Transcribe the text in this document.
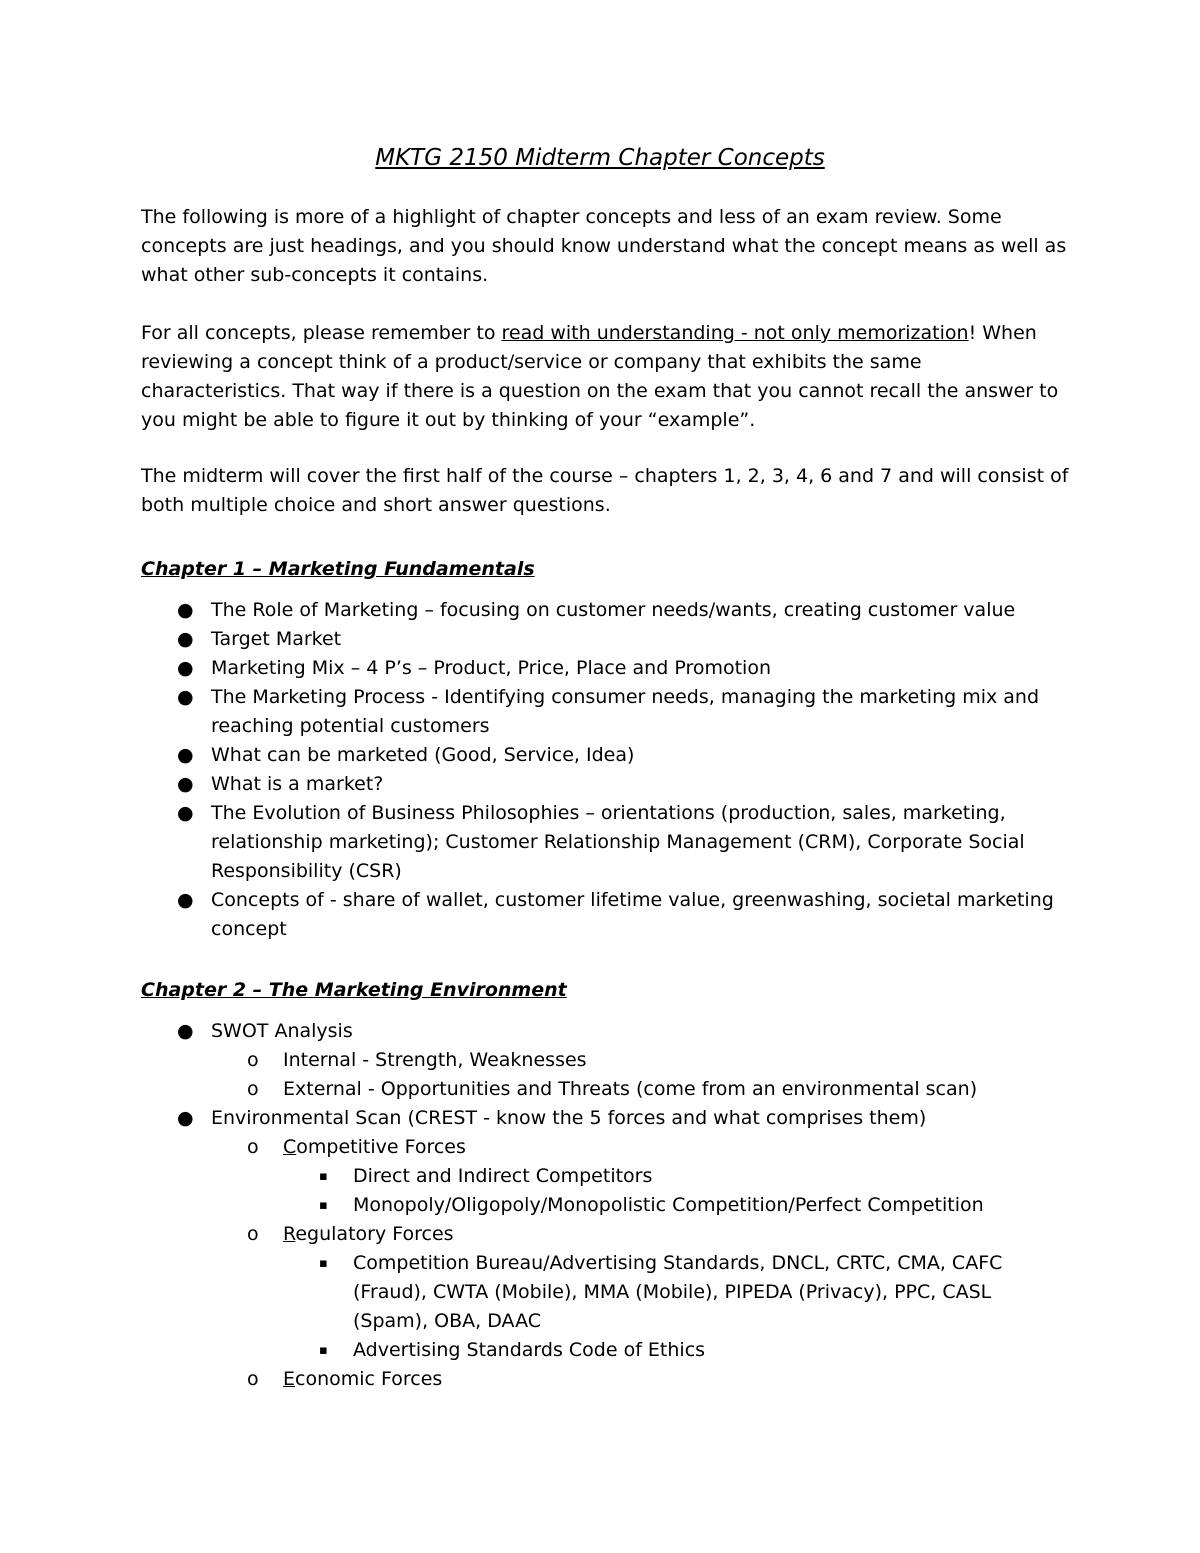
MKTG 2150 Midterm Chapter Concepts

The following is more of a highlight of chapter concepts and less of an exam review. Some concepts are just headings, and you should know understand what the concept means as well as what other sub-concepts it contains.

For all concepts, please remember to read with understanding - not only memorization! When reviewing a concept think of a product/service or company that exhibits the same characteristics. That way if there is a question on the exam that you cannot recall the answer to you might be able to figure it out by thinking of your “example”.

The midterm will cover the first half of the course – chapters 1, 2, 3, 4, 6 and 7 and will consist of both multiple choice and short answer questions.

Chapter 1 – Marketing Fundamentals
● The Role of Marketing – focusing on customer needs/wants, creating customer value
● Target Market
● Marketing Mix – 4 P’s – Product, Price, Place and Promotion
● The Marketing Process - Identifying consumer needs, managing the marketing mix and reaching potential customers
● What can be marketed (Good, Service, Idea)
● What is a market?
● The Evolution of Business Philosophies – orientations (production, sales, marketing, relationship marketing); Customer Relationship Management (CRM), Corporate Social Responsibility (CSR)
● Concepts of - share of wallet, customer lifetime value, greenwashing, societal marketing concept
Chapter 2 – The Marketing Environment
● SWOT Analysis
o Internal - Strength, Weaknesses
o External - Opportunities and Threats (come from an environmental scan)
● Environmental Scan (CREST - know the 5 forces and what comprises them)
o Competitive Forces
▪ Direct and Indirect Competitors
▪ Monopoly/Oligopoly/Monopolistic Competition/Perfect Competition
o Regulatory Forces
▪ Competition Bureau/Advertising Standards, DNCL, CRTC, CMA, CAFC (Fraud), CWTA (Mobile), MMA (Mobile), PIPEDA (Privacy), PPC, CASL (Spam), OBA, DAAC
▪ Advertising Standards Code of Ethics
o Economic Forces
